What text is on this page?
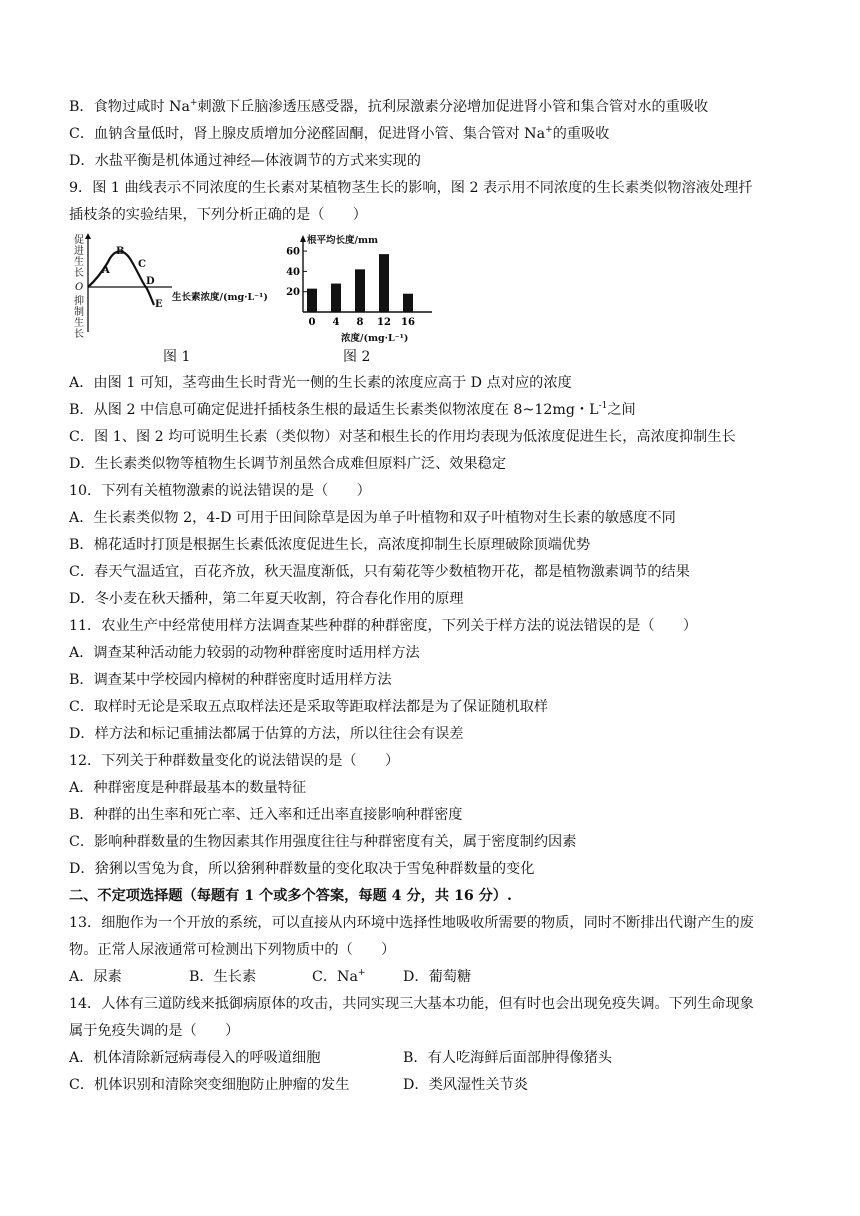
B．食物过咸时 Na+刺激下丘脑渗透压感受器，抗利尿激素分泌增加促进肾小管和集合管对水的重吸收
C．血钠含量低时，肾上腺皮质增加分泌醛固酮，促进肾小管、集合管对 Na+的重吸收
D．水盐平衡是机体通过神经—体液调节的方式来实现的
9．图 1 曲线表示不同浓度的生长素对某植物茎生长的影响，图 2 表示用不同浓度的生长素类似物溶液处理扦
插枝条的实验结果，下列分析正确的是（　　）
促
进
生
长
O
抑
制
生
长
A
B
C
D
E
生长素浓度/(mg·L⁻¹)
图 1
根平均长度/mm
20
40
60
0 4 8 12 16
浓度/(mg·L⁻¹)
图 2
A．由图 1 可知，茎弯曲生长时背光一侧的生长素的浓度应高于 D 点对应的浓度
B．从图 2 中信息可确定促进扦插枝条生根的最适生长素类似物浓度在 8~12mg・$L^{-1}$之间
C．图 1、图 2 均可说明生长素（类似物）对茎和根生长的作用均表现为低浓度促进生长，高浓度抑制生长
D．生长素类似物等植物生长调节剂虽然合成难但原料广泛、效果稳定
10．下列有关植物激素的说法错误的是（　　）
A．生长素类似物 2，4-D 可用于田间除草是因为单子叶植物和双子叶植物对生长素的敏感度不同
B．棉花适时打顶是根据生长素低浓度促进生长，高浓度抑制生长原理破除顶端优势
C．春天气温适宜，百花齐放，秋天温度渐低，只有菊花等少数植物开花，都是植物激素调节的结果
D．冬小麦在秋天播种，第二年夏天收割，符合春化作用的原理
11．农业生产中经常使用样方法调查某些种群的种群密度，下列关于样方法的说法错误的是（　　）
A．调查某种活动能力较弱的动物种群密度时适用样方法
B．调查某中学校园内樟树的种群密度时适用样方法
C．取样时无论是采取五点取样法还是采取等距取样法都是为了保证随机取样
D．样方法和标记重捕法都属于估算的方法，所以往往会有误差
12．下列关于种群数量变化的说法错误的是（　　）
A．种群密度是种群最基本的数量特征
B．种群的出生率和死亡率、迁入率和迁出率直接影响种群密度
C．影响种群数量的生物因素其作用强度往往与种群密度有关，属于密度制约因素
D．猞猁以雪兔为食，所以猞猁种群数量的变化取决于雪兔种群数量的变化
二、不定项选择题（每题有 1 个或多个答案，每题 4 分，共 16 分）.
13．细胞作为一个开放的系统，可以直接从内环境中选择性地吸收所需要的物质，同时不断排出代谢产生的废
物。正常人尿液通常可检测出下列物质中的（　　）
A．尿素	B．生长素	C．Na+	D．葡萄糖
14．人体有三道防线来抵御病原体的攻击，共同实现三大基本功能，但有时也会出现免疫失调。下列生命现象
属于免疫失调的是（　　）
A．机体清除新冠病毒侵入的呼吸道细胞	B．有人吃海鲜后面部肿得像猪头
C．机体识别和清除突变细胞防止肿瘤的发生	D．类风湿性关节炎
